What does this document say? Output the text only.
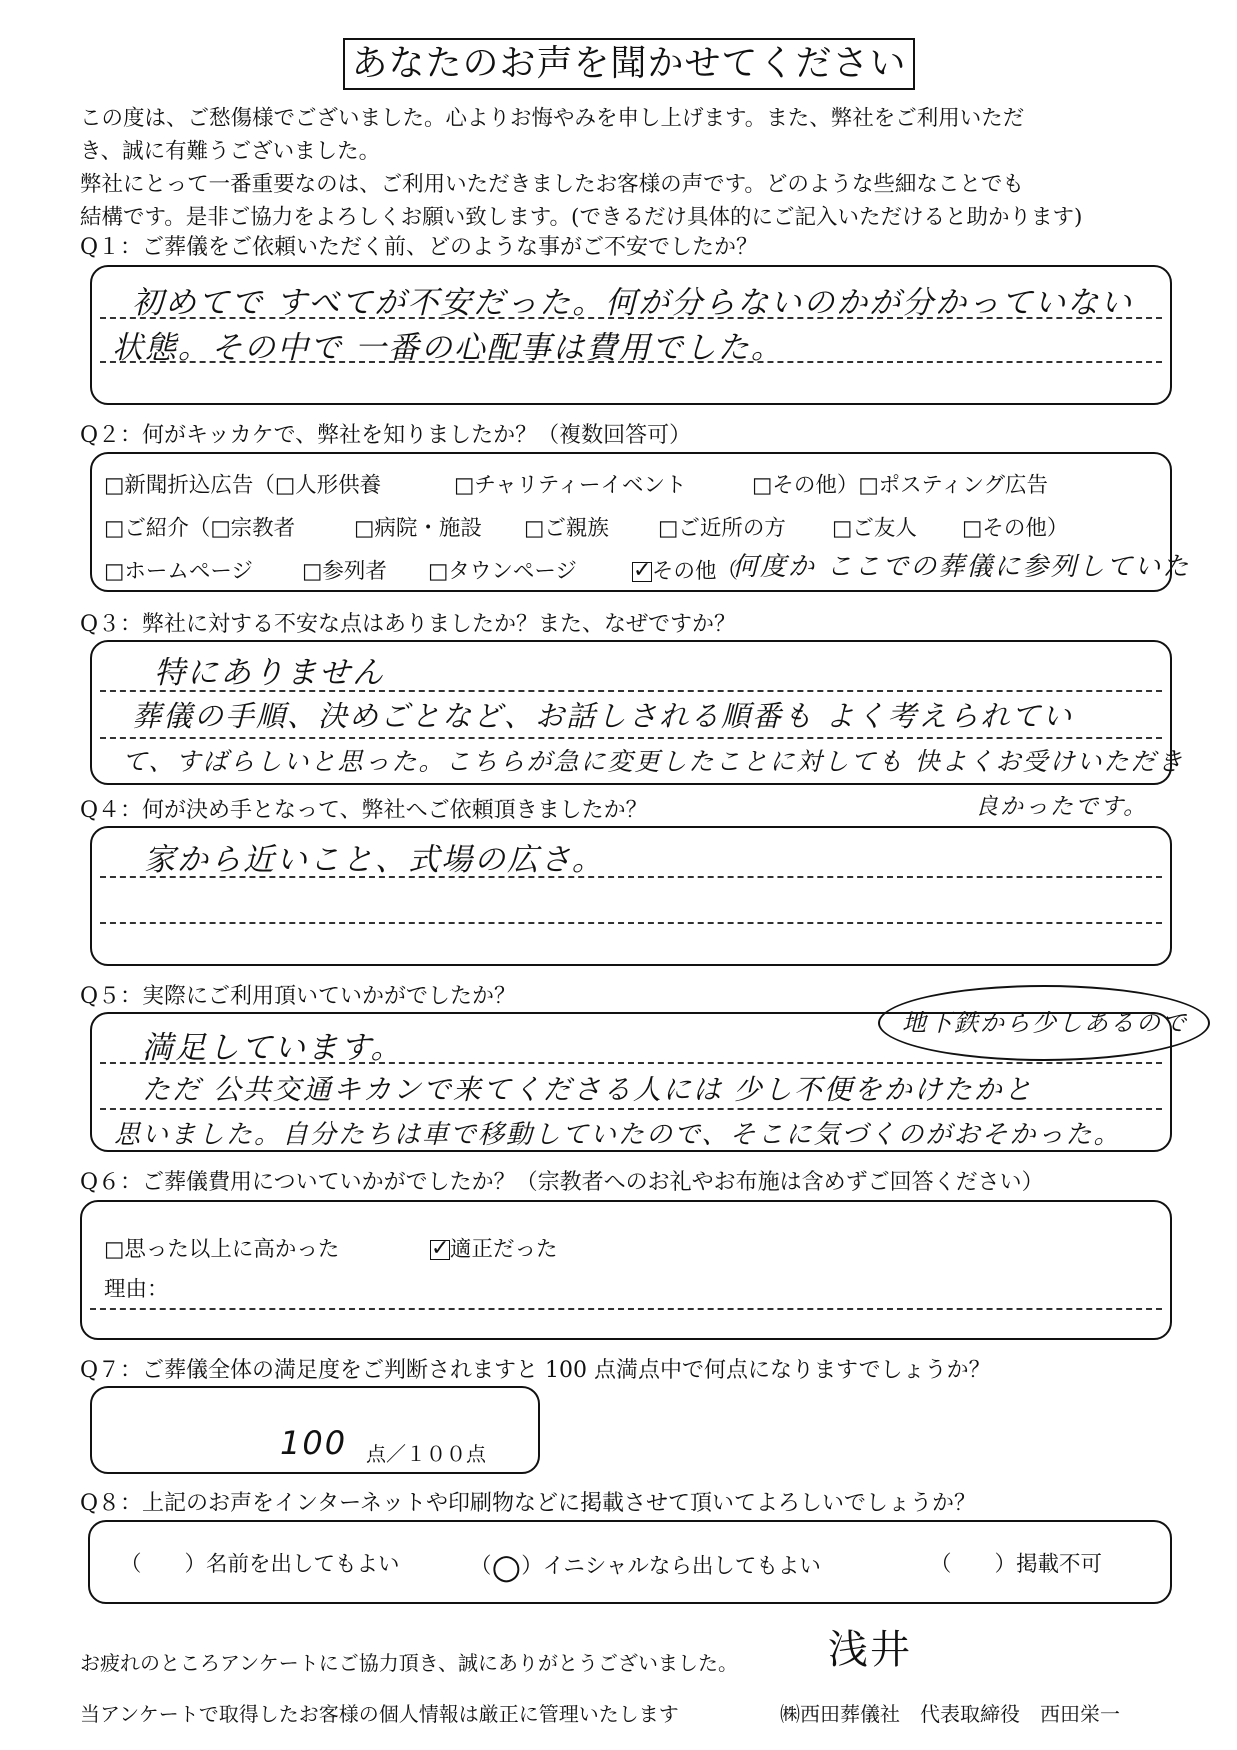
あなたのお声を聞かせてください
この度は、ご愁傷様でございました。心よりお悔やみを申し上げます。また、弊社をご利用いただ
き、誠に有難うございました。
弊社にとって一番重要なのは、ご利用いただきましたお客様の声です。どのような些細なことでも
結構です。是非ご協力をよろしくお願い致します。(できるだけ具体的にご記入いただけると助かります)
Q１：ご葬儀をご依頼いただく前、どのような事がご不安でしたか？
初めてで すべてが不安だった。何が分らないのかが分かっていない
状態。その中で 一番の心配事は費用でした。
Q２：何がキッカケで、弊社を知りましたか？（複数回答可）
□新聞折込広告（□人形供養	□チャリティーイベント	□その他）□ポスティング広告
□ご紹介（□宗教者	□病院・施設 □ご親族 □ご近所の方 □ご友人 □その他）
□ホームページ □参列者 □タウンページ	✓その他（
何度か ここでの葬儀に参列していた
Q３：弊社に対する不安な点はありましたか？また、なぜですか？
特にありません
葬儀の手順、決めごとなど、お話しされる順番も よく考えられてい
て、すばらしいと思った。こちらが急に変更したことに対しても 快よくお受けいただき
良かったです。
Q４：何が決め手となって、弊社へご依頼頂きましたか？
家から近いこと、式場の広さ。
Q５：実際にご利用頂いていかがでしたか？
満足しています。
ただ 公共交通キカンで来てくださる人には 少し不便をかけたかと
思いました。自分たちは車で移動していたので、そこに気づくのがおそかった。
地下鉄から少しあるので
Q６：ご葬儀費用についていかがでしたか？（宗教者へのお礼やお布施は含めずご回答ください）
□思った以上に高かった	✓適正だった
理由：
Q７：ご葬儀全体の満足度をご判断されますと 100 点満点中で何点になりますでしょうか？
100 点／１００点
Q８：上記のお声をインターネットや印刷物などに掲載させて頂いてよろしいでしょうか？
（　　）名前を出してもよい	（○）イニシャルなら出してもよい	（　　）掲載不可
お疲れのところアンケートにご協力頂き、誠にありがとうございました。 浅井
当アンケートで取得したお客様の個人情報は厳正に管理いたします	㈱西田葬儀社　代表取締役　西田栄一
